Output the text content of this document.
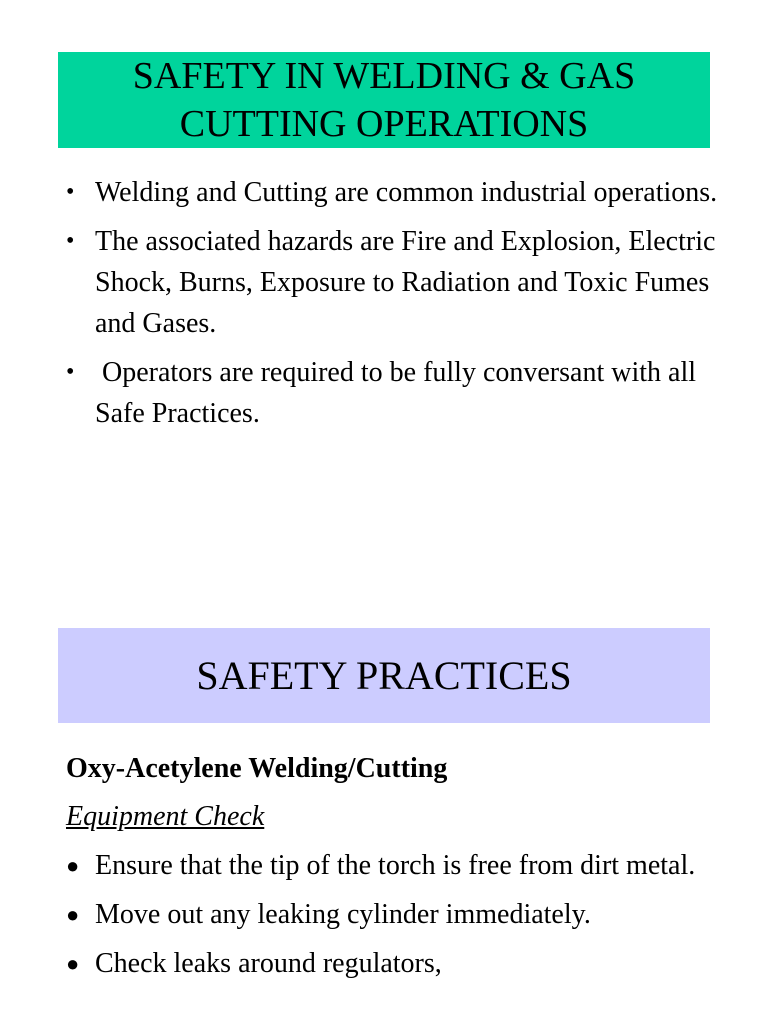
SAFETY IN WELDING & GAS
CUTTING OPERATIONS
• Welding and Cutting are common industrial operations.
• The associated hazards are Fire and Explosion, Electric Shock, Burns, Exposure to Radiation and Toxic Fumes and Gases.
• Operators are required to be fully conversant with all Safe Practices.
SAFETY PRACTICES
Oxy-Acetylene Welding/Cutting
Equipment Check
● Ensure that the tip of the torch is free from dirt metal.
● Move out any leaking cylinder immediately.
● Check leaks around regulators,
